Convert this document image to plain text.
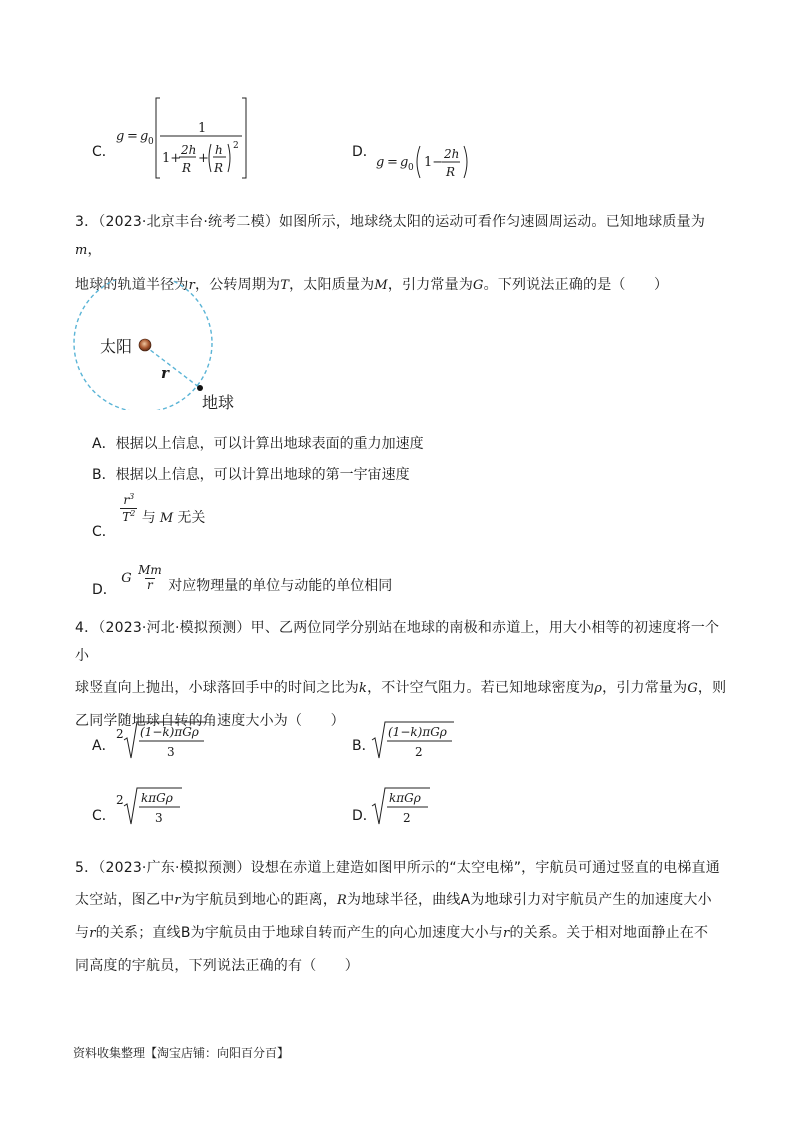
C．
g = g 0
1
1+
2h
R
+
h
R
2	D．
g = g 0 1−
2h
R

3．（2023·北京丰台·统考二模）如图所示，地球绕太阳的运动可看作匀速圆周运动。已知地球质量为m，

地球的轨道半径为r，公转周期为T，太阳质量为M，引力常量为G。下列说法正确的是（　　）

太阳
r
地球
A．根据以上信息，可以计算出地球表面的重力加速度
B．根据以上信息，可以计算出地球的第一宇宙速度
C．
$\frac{r^3}{T^2}$ 与 M 无关
D． G $\frac{Mm}{r}$ 对应物理量的单位与动能的单位相同

4．（2023·河北·模拟预测）甲、乙两位同学分别站在地球的南极和赤道上，用大小相等的初速度将一个小

球竖直向上抛出，小球落回手中的时间之比为k，不计空气阻力。若已知地球密度为ρ，引力常量为G，则

乙同学随地球自转的角速度大小为（　　）

A．
2 (1−k)πGρ
3	B．
(1−k)πGρ
2
C．
2 kπGρ
3	D．
kπGρ
2

5．（2023·广东·模拟预测）设想在赤道上建造如图甲所示的“太空电梯”，宇航员可通过竖直的电梯直通

太空站，图乙中r为宇航员到地心的距离，R为地球半径，曲线A为地球引力对宇航员产生的加速度大小

与r的关系；直线B为宇航员由于地球自转而产生的向心加速度大小与r的关系。关于相对地面静止在不

同高度的宇航员，下列说法正确的有（　　）

资料收集整理【淘宝店铺：向阳百分百】
